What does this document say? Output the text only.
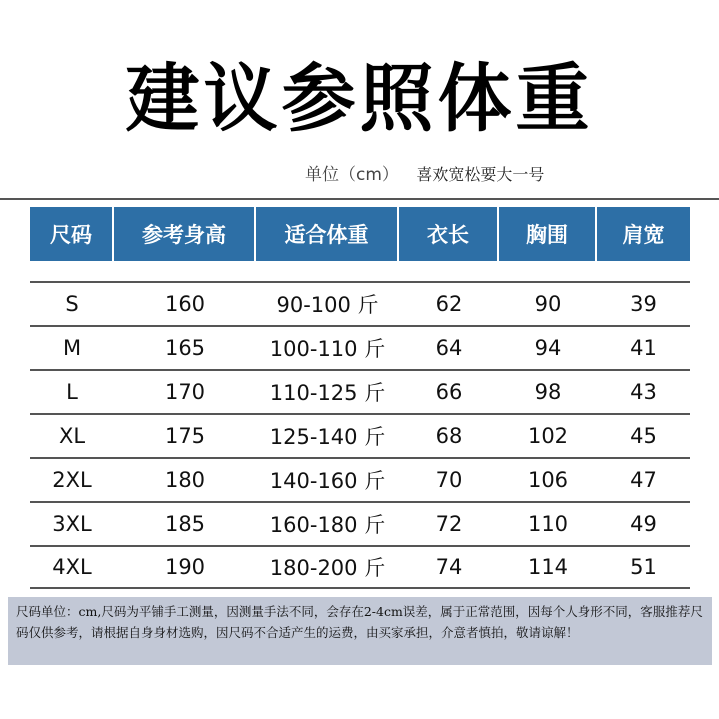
建议参照体重
单位（cm） 喜欢宽松要大一号
尺码	参考身高	适合体重	衣长	胸围	肩宽
S	160	90-100 斤	62	90	39
M	165	100-110 斤	64	94	41
L	170	110-125 斤	66	98	43
XL	175	125-140 斤	68	102	45
2XL	180	140-160 斤	70	106	47
3XL	185	160-180 斤	72	110	49
4XL	190	180-200 斤	74	114	51
尺码单位：cm,尺码为平铺手工测量，因测量手法不同，会存在2-4cm误差，属于正常范围，因每个人身形不同，客服推荐尺码仅供参考，请根据自身身材选购，因尺码不合适产生的运费，由买家承担，介意者慎拍，敬请谅解！
